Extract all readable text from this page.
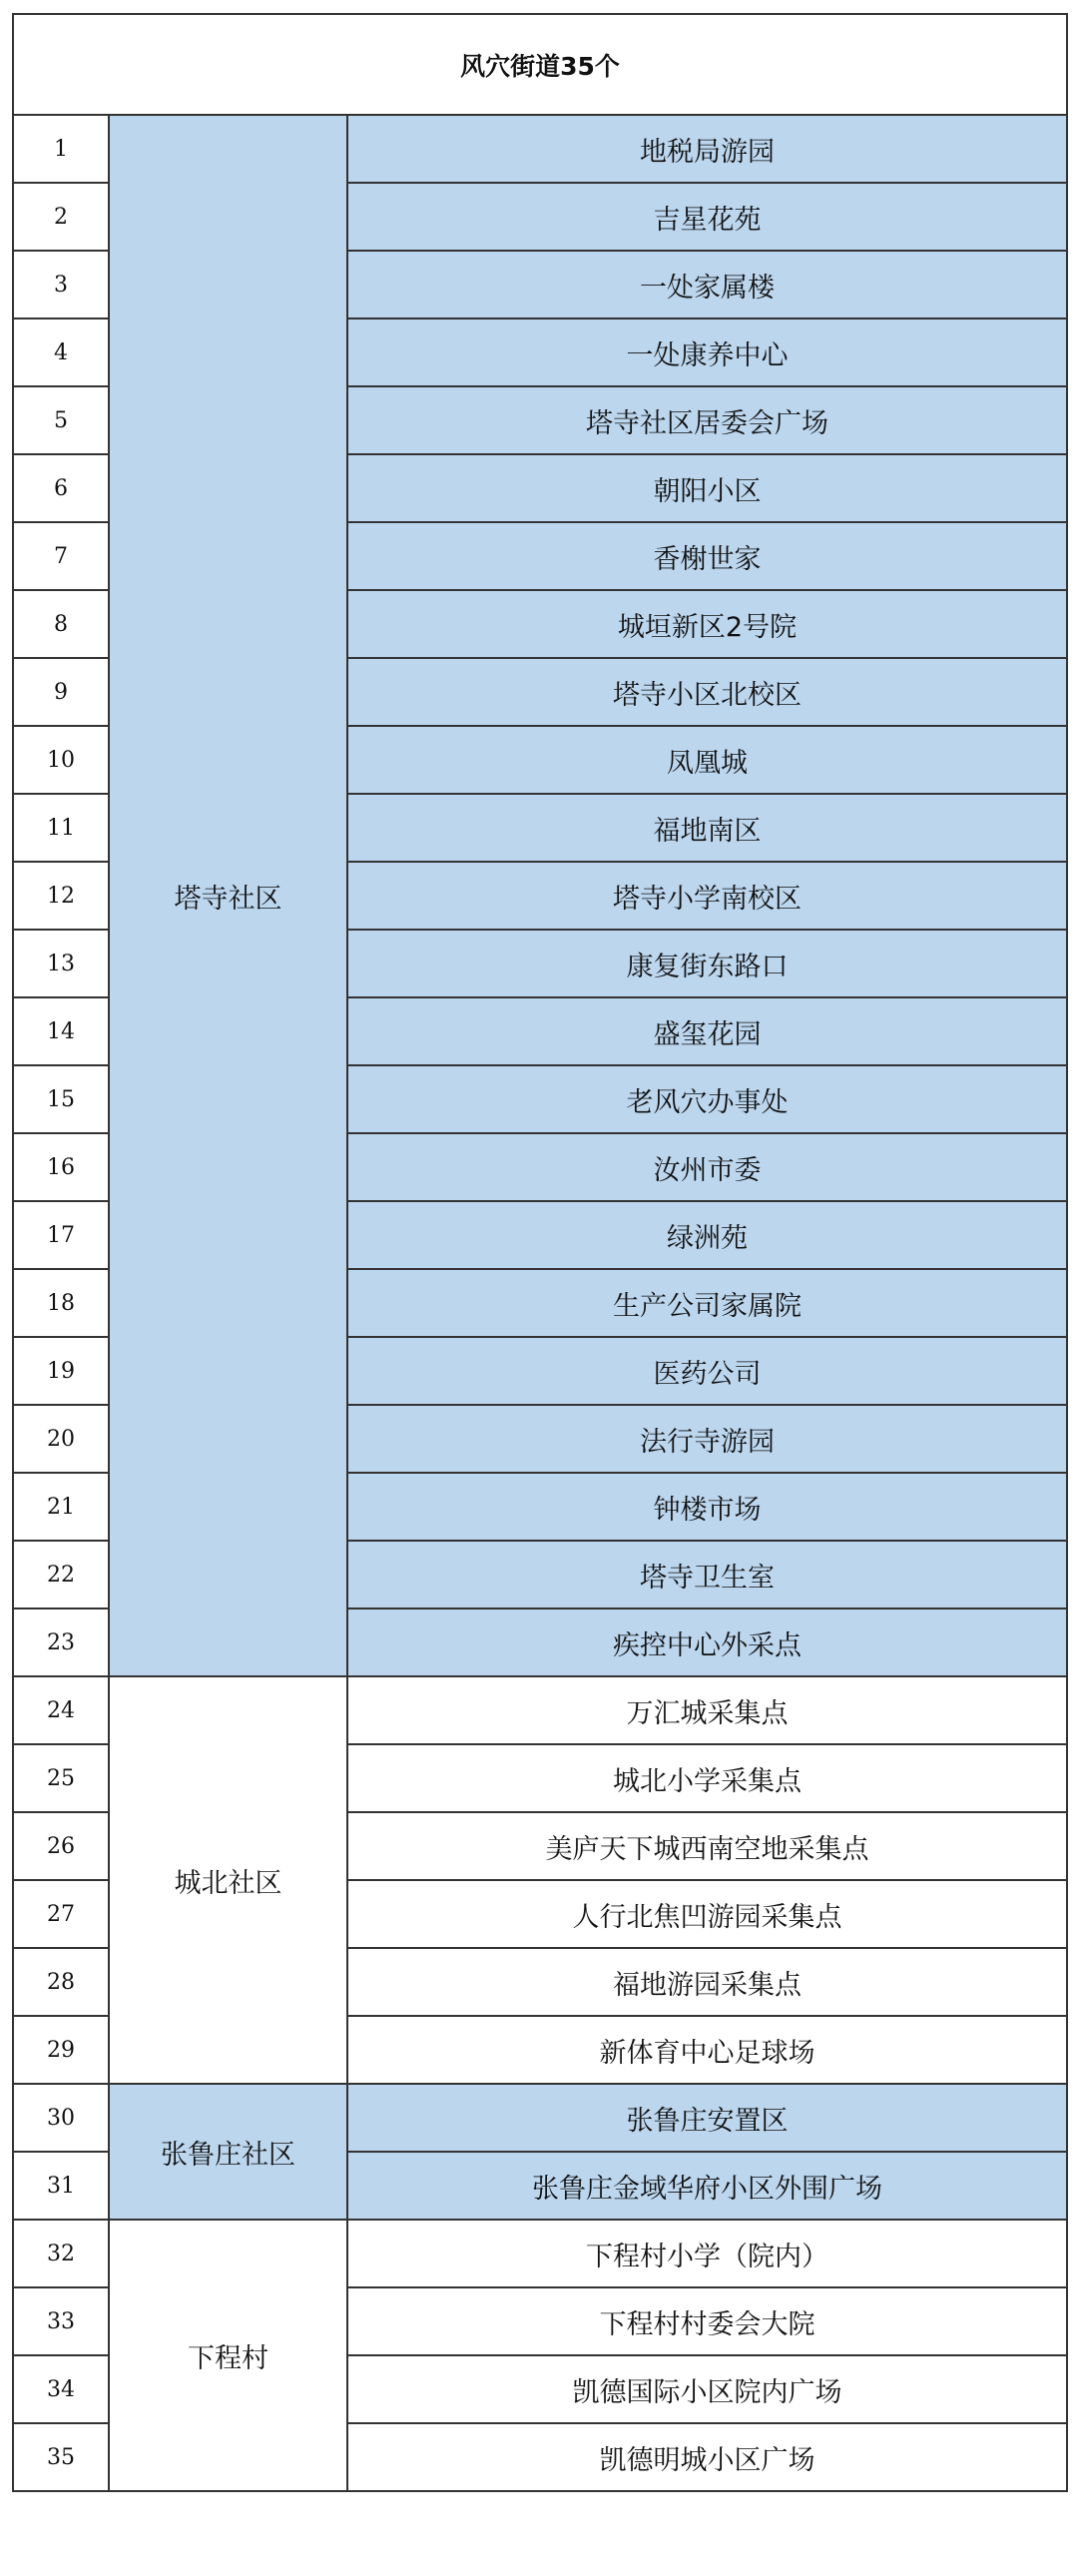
风穴街道35个		
1	塔寺社区	地税局游园
2		吉星花苑
3		一处家属楼
4		一处康养中心
5		塔寺社区居委会广场
6		朝阳小区
7		香榭世家
8		城垣新区2号院
9		塔寺小区北校区
10		凤凰城
11		福地南区
12		塔寺小学南校区
13		康复街东路口
14		盛玺花园
15		老风穴办事处
16		汝州市委
17		绿洲苑
18		生产公司家属院
19		医药公司
20		法行寺游园
21		钟楼市场
22		塔寺卫生室
23		疾控中心外采点
24	城北社区	万汇城采集点
25		城北小学采集点
26		美庐天下城西南空地采集点
27		人行北焦凹游园采集点
28		福地游园采集点
29		新体育中心足球场
30	张鲁庄社区	张鲁庄安置区
31		张鲁庄金域华府小区外围广场
32	下程村	下程村小学（院内）
33		下程村村委会大院
34		凯德国际小区院内广场
35		凯德明城小区广场
